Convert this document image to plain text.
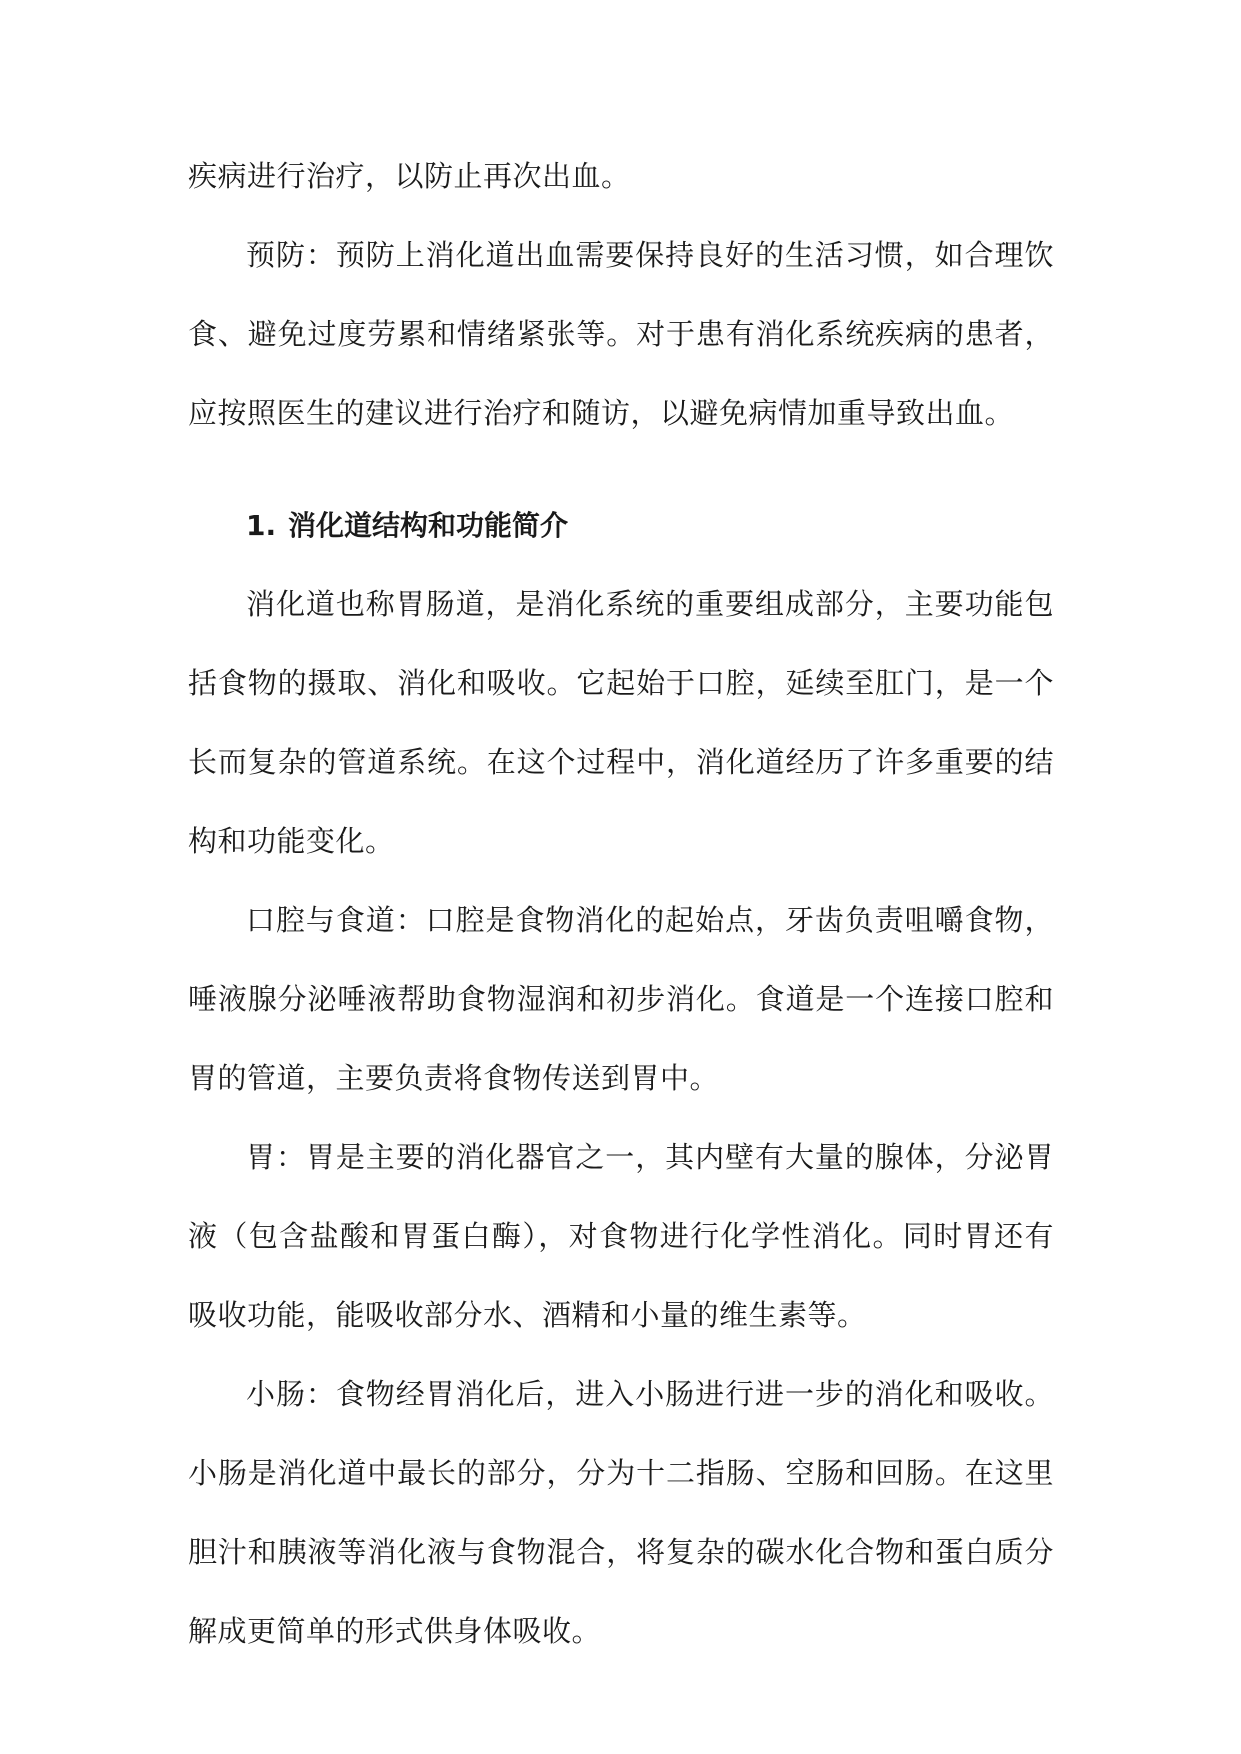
疾病进行治疗，以防止再次出血。

预防：预防上消化道出血需要保持良好的生活习惯，如合理饮食、避免过度劳累和情绪紧张等。对于患有消化系统疾病的患者，应按照医生的建议进行治疗和随访，以避免病情加重导致出血。

1. 消化道结构和功能简介

消化道也称胃肠道，是消化系统的重要组成部分，主要功能包括食物的摄取、消化和吸收。它起始于口腔，延续至肛门，是一个长而复杂的管道系统。在这个过程中，消化道经历了许多重要的结构和功能变化。

口腔与食道：口腔是食物消化的起始点，牙齿负责咀嚼食物，唾液腺分泌唾液帮助食物湿润和初步消化。食道是一个连接口腔和胃的管道，主要负责将食物传送到胃中。

胃：胃是主要的消化器官之一，其内壁有大量的腺体，分泌胃液（包含盐酸和胃蛋白酶），对食物进行化学性消化。同时胃还有吸收功能，能吸收部分水、酒精和小量的维生素等。

小肠：食物经胃消化后，进入小肠进行进一步的消化和吸收。小肠是消化道中最长的部分，分为十二指肠、空肠和回肠。在这里胆汁和胰液等消化液与食物混合，将复杂的碳水化合物和蛋白质分解成更简单的形式供身体吸收。
